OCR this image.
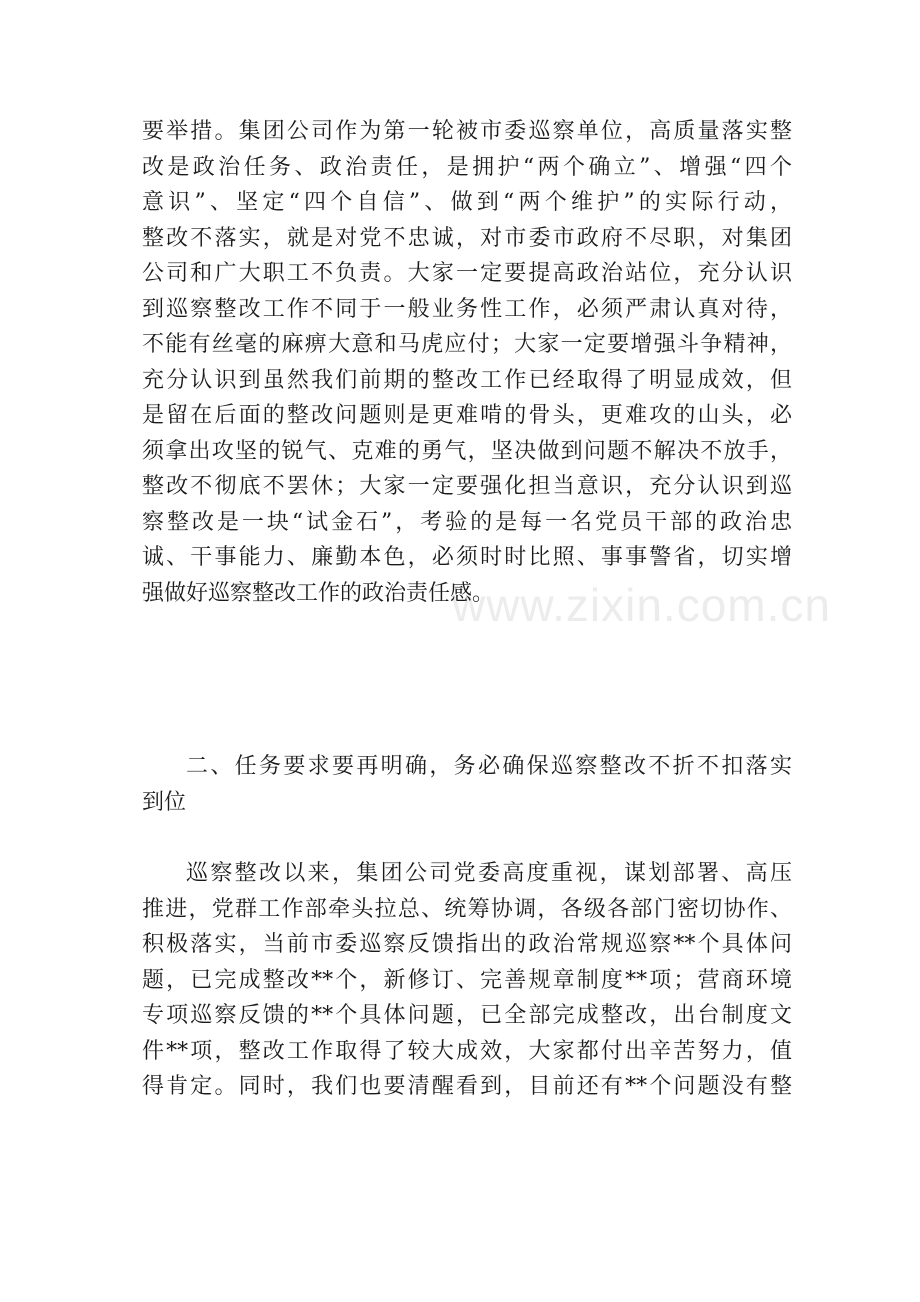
www.zixin.com.cn
要举措。集团公司作为第一轮被市委巡察单位，高质量落实整
改是政治任务、政治责任，是拥护“两个确立”、增强“四个
意识”、坚定“四个自信”、做到“两个维护”的实际行动，
整改不落实，就是对党不忠诚，对市委市政府不尽职，对集团
公司和广大职工不负责。大家一定要提高政治站位，充分认识
到巡察整改工作不同于一般业务性工作，必须严肃认真对待，
不能有丝毫的麻痹大意和马虎应付；大家一定要增强斗争精神，
充分认识到虽然我们前期的整改工作已经取得了明显成效，但
是留在后面的整改问题则是更难啃的骨头，更难攻的山头，必
须拿出攻坚的锐气、克难的勇气，坚决做到问题不解决不放手，
整改不彻底不罢休；大家一定要强化担当意识，充分认识到巡
察整改是一块“试金石”，考验的是每一名党员干部的政治忠
诚、干事能力、廉勤本色，必须时时比照、事事警省，切实增
强做好巡察整改工作的政治责任感。
二、任务要求要再明确，务必确保巡察整改不折不扣落实
到位
巡察整改以来，集团公司党委高度重视，谋划部署、高压
推进，党群工作部牵头拉总、统筹协调，各级各部门密切协作、
积极落实，当前市委巡察反馈指出的政治常规巡察**个具体问
题，已完成整改**个，新修订、完善规章制度**项；营商环境
专项巡察反馈的**个具体问题，已全部完成整改，出台制度文
件**项，整改工作取得了较大成效，大家都付出辛苦努力，值
得肯定。同时，我们也要清醒看到，目前还有**个问题没有整
